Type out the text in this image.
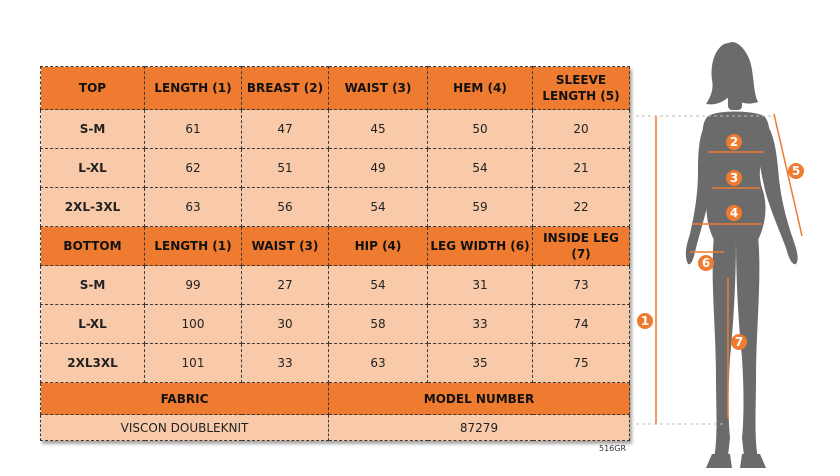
TOP	LENGTH (1)	BREAST (2)	WAIST (3)	HEM (4)	SLEEVE LENGTH (5)
S-M	61	47	45	50	20
L-XL	62	51	49	54	21
2XL-3XL	63	56	54	59	22
BOTTOM	LENGTH (1)	WAIST (3)	HIP (4)	LEG WIDTH (6)	INSIDE LEG (7)
S-M	99	27	54	31	73
L-XL	100	30	58	33	74
2XL3XL	101	33	63	35	75
FABRIC			MODEL NUMBER		
VISCON DOUBLEKNIT			87279		
516GR
1
2
3
4
5
6
7
